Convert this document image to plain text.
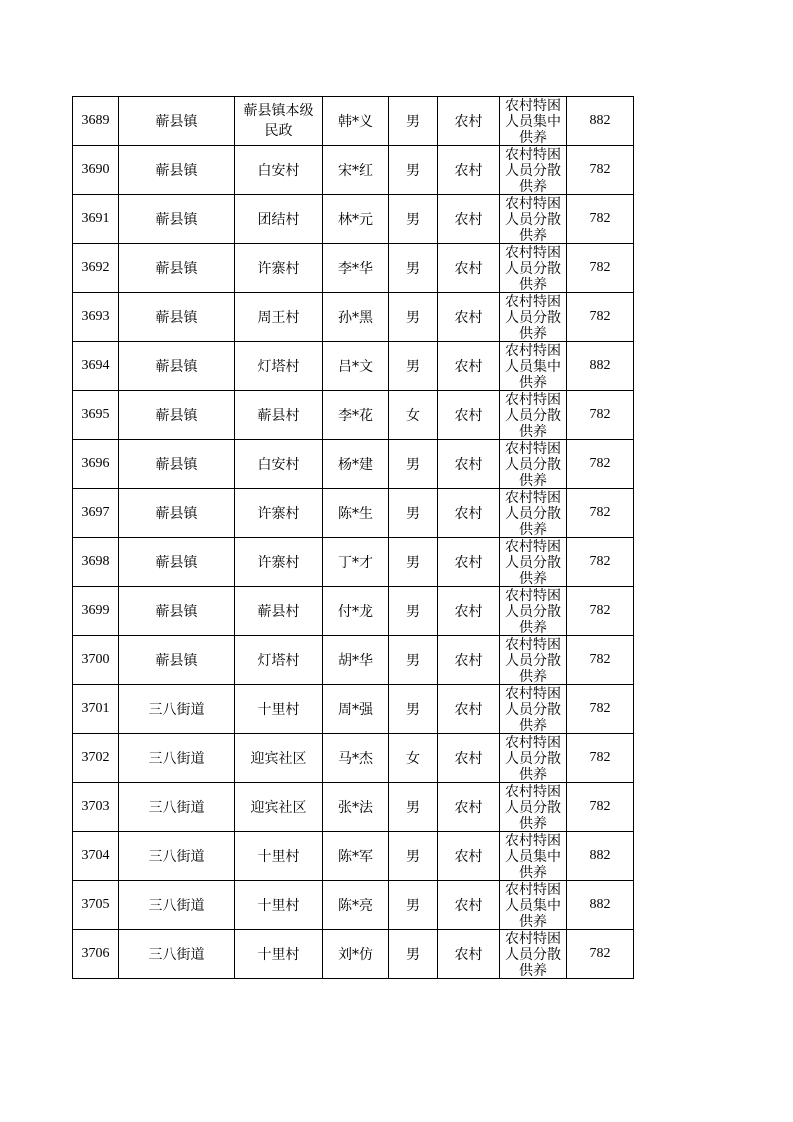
3689	蕲县镇	蕲县镇本级民政	韩*义	男	农村	农村特困人员集中供养	882
3690	蕲县镇	白安村	宋*红	男	农村	农村特困人员分散供养	782
3691	蕲县镇	团结村	林*元	男	农村	农村特困人员分散供养	782
3692	蕲县镇	许寨村	李*华	男	农村	农村特困人员分散供养	782
3693	蕲县镇	周王村	孙*黑	男	农村	农村特困人员分散供养	782
3694	蕲县镇	灯塔村	吕*文	男	农村	农村特困人员集中供养	882
3695	蕲县镇	蕲县村	李*花	女	农村	农村特困人员分散供养	782
3696	蕲县镇	白安村	杨*建	男	农村	农村特困人员分散供养	782
3697	蕲县镇	许寨村	陈*生	男	农村	农村特困人员分散供养	782
3698	蕲县镇	许寨村	丁*才	男	农村	农村特困人员分散供养	782
3699	蕲县镇	蕲县村	付*龙	男	农村	农村特困人员分散供养	782
3700	蕲县镇	灯塔村	胡*华	男	农村	农村特困人员分散供养	782
3701	三八街道	十里村	周*强	男	农村	农村特困人员分散供养	782
3702	三八街道	迎宾社区	马*杰	女	农村	农村特困人员分散供养	782
3703	三八街道	迎宾社区	张*法	男	农村	农村特困人员分散供养	782
3704	三八街道	十里村	陈*军	男	农村	农村特困人员集中供养	882
3705	三八街道	十里村	陈*亮	男	农村	农村特困人员集中供养	882
3706	三八街道	十里村	刘*仿	男	农村	农村特困人员分散供养	782
